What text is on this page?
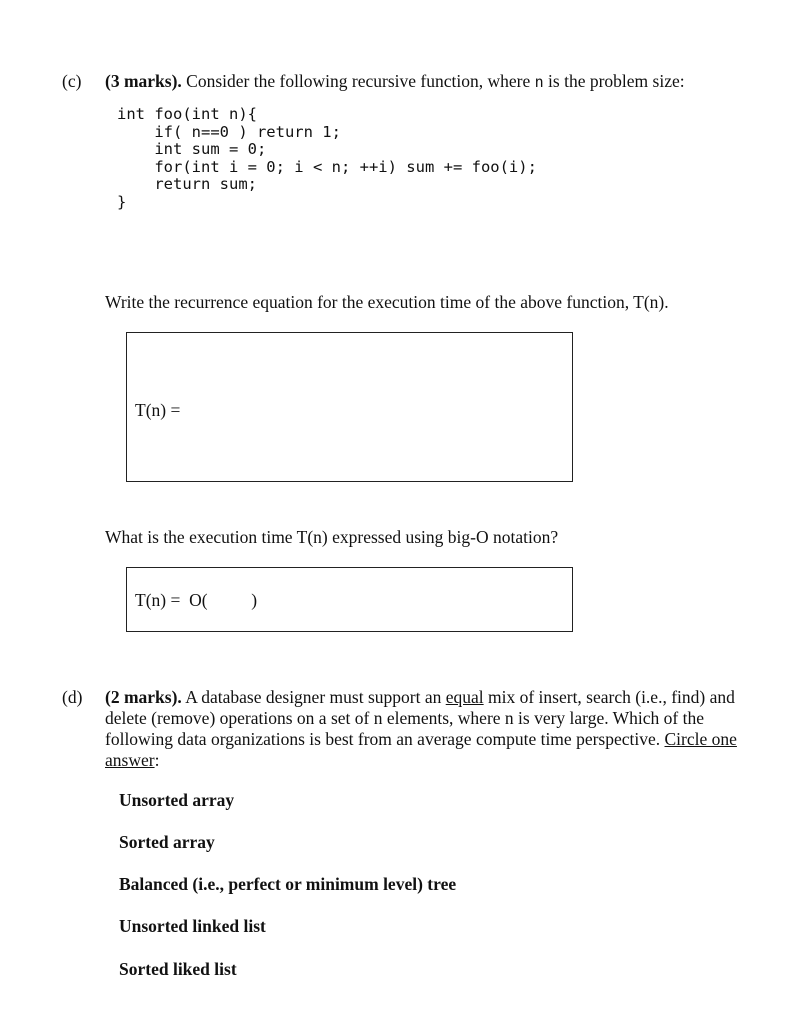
(c) (3 marks). Consider the following recursive function, where n is the problem size:
int foo(int n){
if( n==0 ) return 1;
int sum = 0;
for(int i = 0; i < n; ++i) sum += foo(i);
return sum;
}
Write the recurrence equation for the execution time of the above function, T(n).
T(n) =
What is the execution time T(n) expressed using big-O notation?
T(n) =  O(          )
(d) (2 marks). A database designer must support an equal mix of insert, search (i.e., find) and delete (remove) operations on a set of n elements, where n is very large. Which of the following data organizations is best from an average compute time perspective. Circle one answer:
Unsorted array
Sorted array
Balanced (i.e., perfect or minimum level) tree
Unsorted linked list
Sorted liked list
